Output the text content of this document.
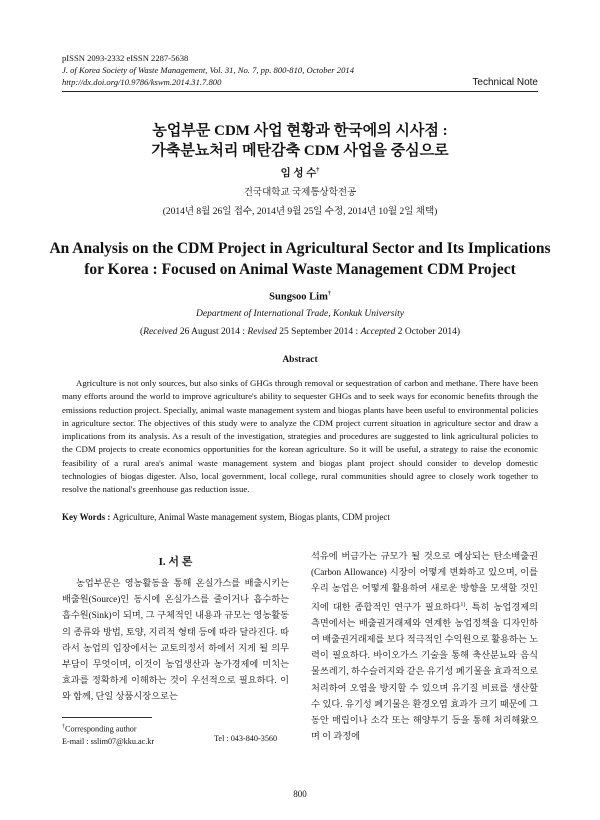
pISSN 2093-2332 eISSN 2287-5638
J. of Korea Society of Waste Management, Vol. 31, No. 7, pp. 800-810, October 2014
http://dx.doi.org/10.9786/kswm.2014.31.7.800	Technical Note
농업부문 CDM 사업 현황과 한국에의 시사점 :
가축분뇨처리 메탄감축 CDM 사업을 중심으로
임 성 수†
건국대학교 국제통상학전공
(2014년 8월 26일 접수, 2014년 9월 25일 수정, 2014년 10월 2일 채택)
An Analysis on the CDM Project in Agricultural Sector and Its Implications
for Korea : Focused on Animal Waste Management CDM Project
Sungsoo Lim†
Department of International Trade, Konkuk University
(Received 26 August 2014 : Revised 25 September 2014 : Accepted 2 October 2014)
Abstract
Agriculture is not only sources, but also sinks of GHGs through removal or sequestration of carbon and methane. There have been many efforts around the world to improve agriculture's ability to sequester GHGs and to seek ways for economic benefits through the emissions reduction project. Specially, animal waste management system and biogas plants have been useful to environmental policies in agriculture sector. The objectives of this study were to analyze the CDM project current situation in agriculture sector and draw a implications from its analysis. As a result of the investigation, strategies and procedures are suggested to link agricultural policies to the CDM projects to create economics opportunities for the korean agriculture. So it will be useful, a strategy to raise the economic feasibility of a rural area's animal waste management system and biogas plant project should consider to develop domestic technologies of biogas digester. Also, local government, local college, rural communities should agree to closely work together to resolve the national's greenhouse gas reduction issue.
Key Words : Agriculture, Animal Waste management system, Biogas plants, CDM project
I. 서 론
농업부문은 영농활동을 통해 온실가스를 배출시키는 배출원(Source)인 동시에 온실가스를 줄이거나 흡수하는 흡수원(Sink)이 되며, 그 구체적인 내용과 규모는 영농활동의 종류와 방법, 토양, 지리적 형태 등에 따라 달라진다. 따라서 농업의 입장에서는 교토의정서 하에서 지게 될 의무부담이 무엇이며, 이것이 농업생산과 농가경제에 미치는 효과를 정확하게 이해하는 것이 우선적으로 필요하다. 이와 함께, 단일 상품시장으로는
석유에 버금가는 규모가 될 것으로 예상되는 탄소배출권(Carbon Allowance) 시장이 어떻게 변화하고 있으며, 이를 우리 농업은 어떻게 활용하여 새로운 방향을 모색할 것인지에 대한 종합적인 연구가 필요하다$^{1)}$. 특히 농업경제의 측면에서는 배출권거래제와 연계한 농업정책을 디자인하여 배출권거래제를 보다 적극적인 수익원으로 활용하는 노력이 필요하다. 바이오가스 기술을 통해 축산분뇨와 음식물쓰레기, 하수슬러지와 같은 유기성 폐기물을 효과적으로 처리하여 오염을 방지할 수 있으며 유기질 비료를 생산할 수 있다. 유기성 폐기물은 환경오염 효과가 크기 때문에 그 동안 매립이나 소각 또는 해양투기 등을 통해 처리해왔으며 이 과정에
†Corresponding author
E-mail : sslim07@kku.ac.kr	Tel : 043-840-3560
800
